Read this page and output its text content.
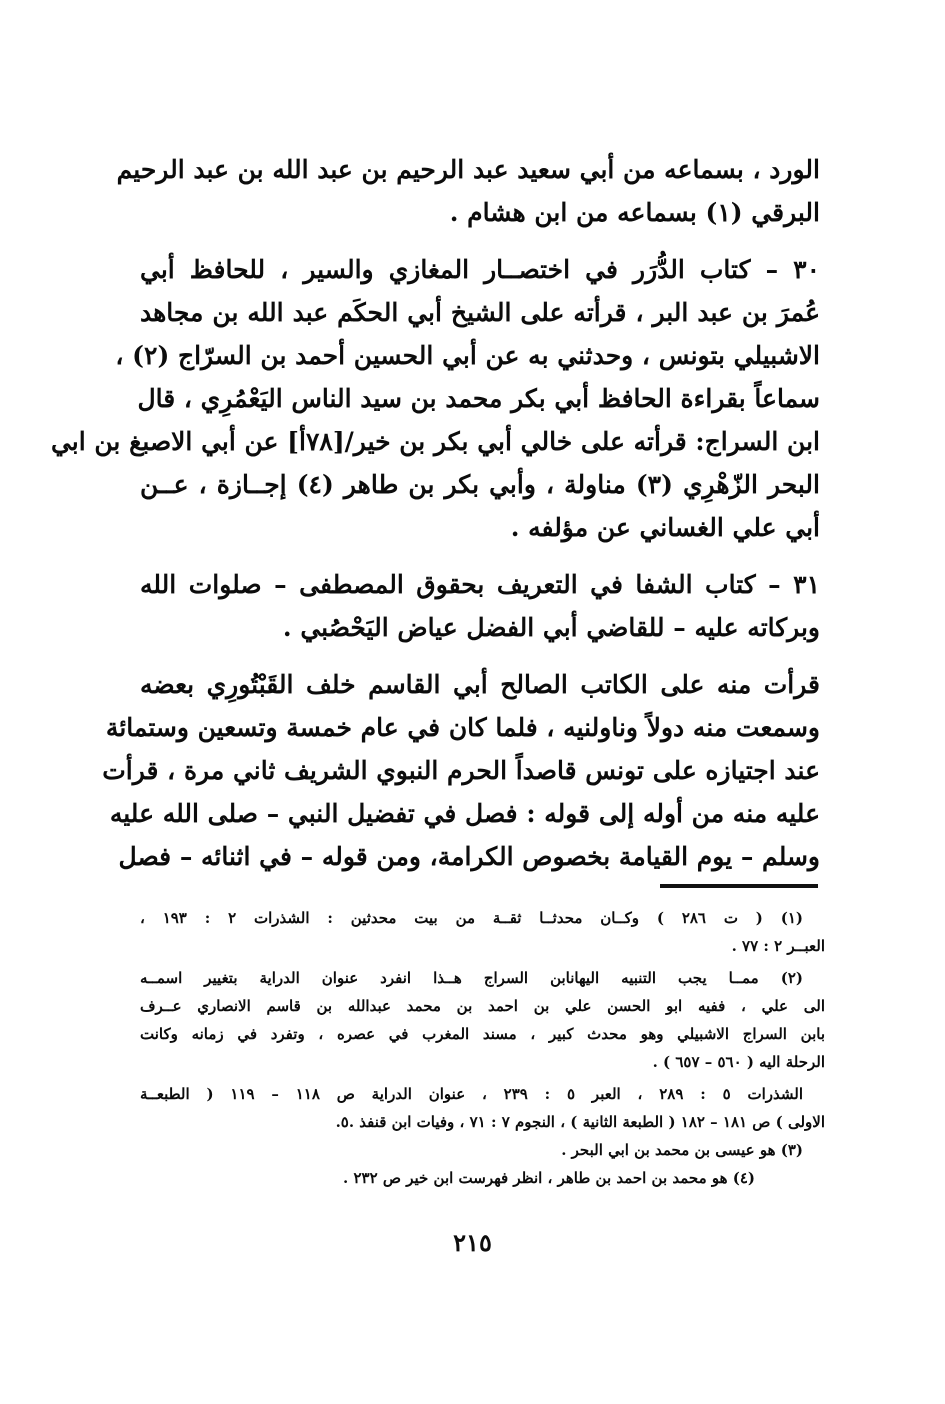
الورد ، بسماعه من أبي سعيد عبد الرحيم بن عبد الله بن عبد الرحيم
البرقي (١) بسماعه من ابن هشام .
٣٠ – كتاب الدُّرَر في اختصــار المغازي والسير ، للحافظ أبي
عُمرَ بن عبد البر ، قرأته على الشيخ أبي الحكَم عبد الله بن مجاهد
الاشبيلي بتونس ، وحدثني به عن أبي الحسين أحمد بن السرّاج (٢) ،
سماعاً بقراءة الحافظ أبي بكر محمد بن سيد الناس اليَعْمُرِي ، قال
ابن السراج: قرأته على خالي أبي بكر بن خير/[٧٨أ] عن أبي الاصبغ بن ابي
البحر الزّهْرِي (٣) مناولة ، وأبي بكر بن طاهر (٤) إجــازة ، عــن
أبي علي الغساني عن مؤلفه .
٣١ – كتاب الشفا في التعريف بحقوق المصطفى – صلوات الله
وبركاته عليه – للقاضي أبي الفضل عياض اليَحْصُبي .
قرأت منه على الكاتب الصالح أبي القاسم خلف القَبْتُورِي بعضه
وسمعت منه دولاً وناولنيه ، فلما كان في عام خمسة وتسعين وستمائة
عند اجتيازه على تونس قاصداً الحرم النبوي الشريف ثاني مرة ، قرأت
عليه منه من أوله إلى قوله : فصل في تفضيل النبي – صلى الله عليه
وسلم – يوم القيامة بخصوص الكرامة، ومن قوله – في اثنائه – فصل
(١) ( ت ٢٨٦ ) وكــان محدثــا ثقــة من بيت محدثين : الشذرات ٢ : ١٩٣ ،
العبــر ٢ : ٧٧ .
(٢) ممــا يجب التنبيه اليهانابن السراج هــذا انفرد عنوان الدراية بتغيير اسمــه
الى علي ، ففيه ابو الحسن علي بن احمد بن محمد عبدالله بن قاسم الانصاري عــرف
بابن السراج الاشبيلي وهو محدث كبير ، مسند المغرب في عصره ، وتفرد في زمانه وكانت
الرحلة اليه ( ٥٦٠ – ٦٥٧ ) .
الشذرات ٥ : ٢٨٩ ، العبر ٥ : ٢٣٩ ، عنوان الدراية ص ١١٨ – ١١٩ ( الطبعــة
الاولى ) ص ١٨١ – ١٨٢ ( الطبعة الثانية ) ، النجوم ٧ : ٧١ ، وفيات ابن قنفذ .٥.
(٣) هو عيسى بن محمد بن ابي البحر .
(٤) هو محمد بن احمد بن طاهر ، انظر فهرست ابن خير ص ٢٣٢ .
٢١٥
